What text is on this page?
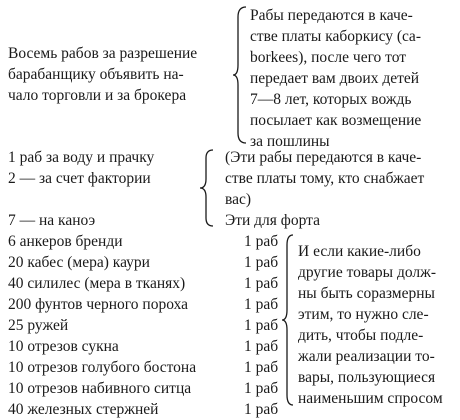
Восемь рабов за разрешение
барабанщику объявить на-
чало торговли и за брокера
Рабы передаются в каче-
стве платы каборкису (ca-
borkees), после чего тот
передает вам двоих детей
7—8 лет, которых вождь
посылает как возмещение
за пошлины
1 раб за воду и прачку
2 — за счет фактории
7 — на каноэ
(Эти рабы передаются в каче-
стве платы тому, кто снабжает
вас)
Эти для форта
6 анкеров бренди	1 раб
20 кабес (мера) каури	1 раб
40 силилес (мера в тканях)	1 раб
200 фунтов черного пороха	1 раб
25 ружей	1 раб
10 отрезов сукна	1 раб
10 отрезов голубого бостона	1 раб
10 отрезов набивного ситца	1 раб
40 железных стержней	1 раб
И если какие-либо
другие товары долж-
ны быть соразмерны
этим, то нужно сле-
дить, чтобы подле-
жали реализации то-
вары, пользующиеся
наименьшим спросом
